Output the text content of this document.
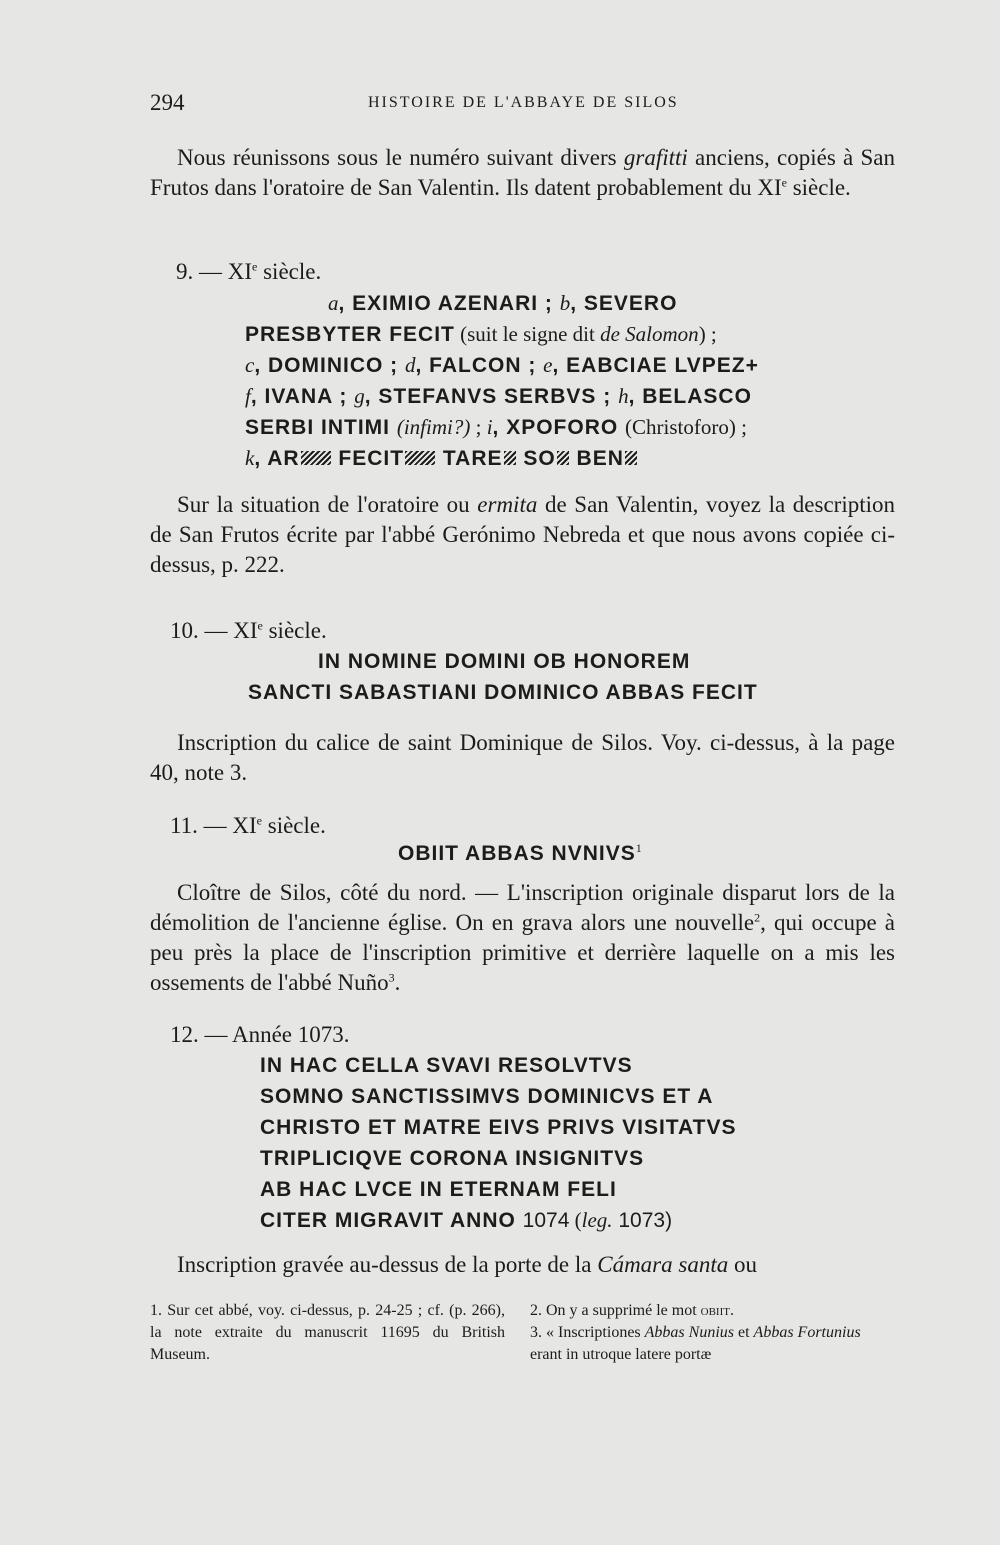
294	HISTOIRE DE L'ABBAYE DE SILOS

Nous réunissons sous le numéro suivant divers grafitti anciens, copiés à San Frutos dans l'oratoire de San Valentin. Ils datent probablement du XIe siècle.

9. — XIe siècle.
a, EXIMIO AZENARI ; b, SEVERO
PRESBYTER FECIT (suit le signe dit de Salomon) ;
c, DOMINICO ; d, FALCON ; e, EABCIAE LVPEZ+
f, IVANA ; g, STEFANVS SERBVS ; h, BELASCO
SERBI INTIMI (infimi?) ; i, XPOFORO (Christoforo) ;
k, AR FECIT TARE SO BEN

Sur la situation de l'oratoire ou ermita de San Valentin, voyez la description de San Frutos écrite par l'abbé Gerónimo Nebreda et que nous avons copiée ci-dessus, p. 222.

10. — XIe siècle.
IN NOMINE DOMINI OB HONOREM
SANCTI SABASTIANI DOMINICO ABBAS FECIT

Inscription du calice de saint Dominique de Silos. Voy. ci-dessus, à la page 40, note 3.

11. — XIe siècle.
OBIIT ABBAS NVNIVS$^1$

Cloître de Silos, côté du nord. — L'inscription originale disparut lors de la démolition de l'ancienne église. On en grava alors une nouvelle$^2$, qui occupe à peu près la place de l'inscription primitive et derrière laquelle on a mis les ossements de l'abbé Nuño$^3$.

12. — Année 1073.
IN HAC CELLA SVAVI RESOLVTVS
SOMNO SANCTISSIMVS DOMINICVS ET A
CHRISTO ET MATRE EIVS PRIVS VISITATVS
TRIPLICIQVE CORONA INSIGNITVS
AB HAC LVCE IN ETERNAM FELI
CITER MIGRAVIT ANNO 1074 (leg. 1073)

Inscription gravée au-dessus de la porte de la Cámara santa ou

1. Sur cet abbé, voy. ci-dessus, p. 24-25 ; cf. (p. 266), la note extraite du manuscrit 11695 du British Museum.
2. On y a supprimé le mot obiit.
3. « Inscriptiones Abbas Nunius et Abbas Fortunius erant in utroque latere portæ
